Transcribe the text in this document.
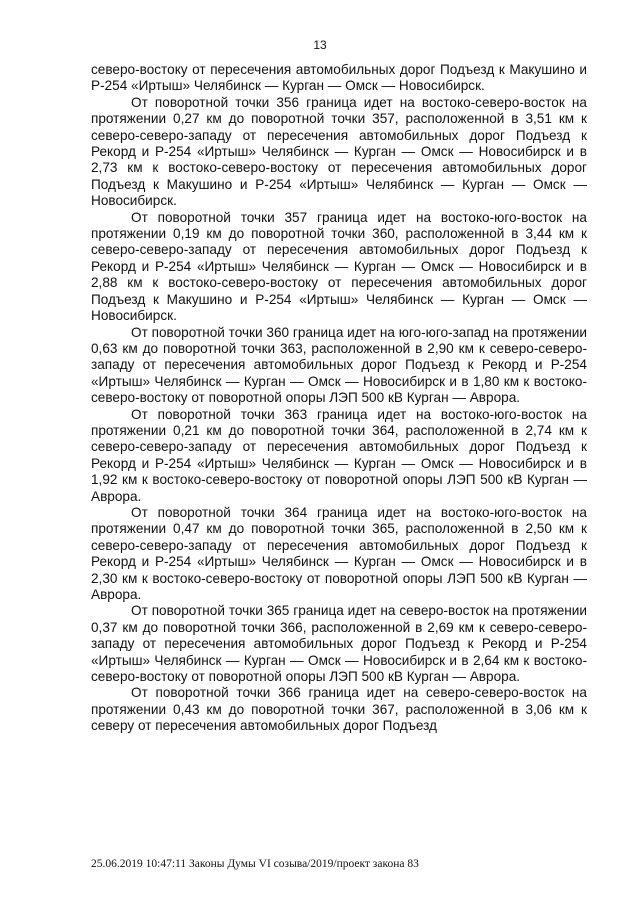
13

северо-востоку от пересечения автомобильных дорог Подъезд к Макушино и Р-254 «Иртыш» Челябинск — Курган — Омск — Новосибирск.

От поворотной точки 356 граница идет на востоко-северо-восток на протяжении 0,27 км до поворотной точки 357, расположенной в 3,51 км к северо-северо-западу от пересечения автомобильных дорог Подъезд к Рекорд и Р-254 «Иртыш» Челябинск — Курган — Омск — Новосибирск и в 2,73 км к востоко-северо-востоку от пересечения автомобильных дорог Подъезд к Макушино и Р-254 «Иртыш» Челябинск — Курган — Омск — Новосибирск.

От поворотной точки 357 граница идет на востоко-юго-восток на протяжении 0,19 км до поворотной точки 360, расположенной в 3,44 км к северо-северо-западу от пересечения автомобильных дорог Подъезд к Рекорд и Р-254 «Иртыш» Челябинск — Курган — Омск — Новосибирск и в 2,88 км к востоко-северо-востоку от пересечения автомобильных дорог Подъезд к Макушино и Р-254 «Иртыш» Челябинск — Курган — Омск — Новосибирск.

От поворотной точки 360 граница идет на юго-юго-запад на протяжении 0,63 км до поворотной точки 363, расположенной в 2,90 км к северо-северо-западу от пересечения автомобильных дорог Подъезд к Рекорд и Р-254 «Иртыш» Челябинск — Курган — Омск — Новосибирск и в 1,80 км к востоко-северо-востоку от поворотной опоры ЛЭП 500 кВ Курган — Аврора.

От поворотной точки 363 граница идет на востоко-юго-восток на протяжении 0,21 км до поворотной точки 364, расположенной в 2,74 км к северо-северо-западу от пересечения автомобильных дорог Подъезд к Рекорд и Р-254 «Иртыш» Челябинск — Курган — Омск — Новосибирск и в 1,92 км к востоко-северо-востоку от поворотной опоры ЛЭП 500 кВ Курган — Аврора.

От поворотной точки 364 граница идет на востоко-юго-восток на протяжении 0,47 км до поворотной точки 365, расположенной в 2,50 км к северо-северо-западу от пересечения автомобильных дорог Подъезд к Рекорд и Р-254 «Иртыш» Челябинск — Курган — Омск — Новосибирск и в 2,30 км к востоко-северо-востоку от поворотной опоры ЛЭП 500 кВ Курган — Аврора.

От поворотной точки 365 граница идет на северо-восток на протяжении 0,37 км до поворотной точки 366, расположенной в 2,69 км к северо-северо-западу от пересечения автомобильных дорог Подъезд к Рекорд и Р-254 «Иртыш» Челябинск — Курган — Омск — Новосибирск и в 2,64 км к востоко-северо-востоку от поворотной опоры ЛЭП 500 кВ Курган — Аврора.

От поворотной точки 366 граница идет на северо-северо-восток на протяжении 0,43 км до поворотной точки 367, расположенной в 3,06 км к северу от пересечения автомобильных дорог Подъезд

25.06.2019 10:47:11 Законы Думы VI созыва/2019/проект закона 83
